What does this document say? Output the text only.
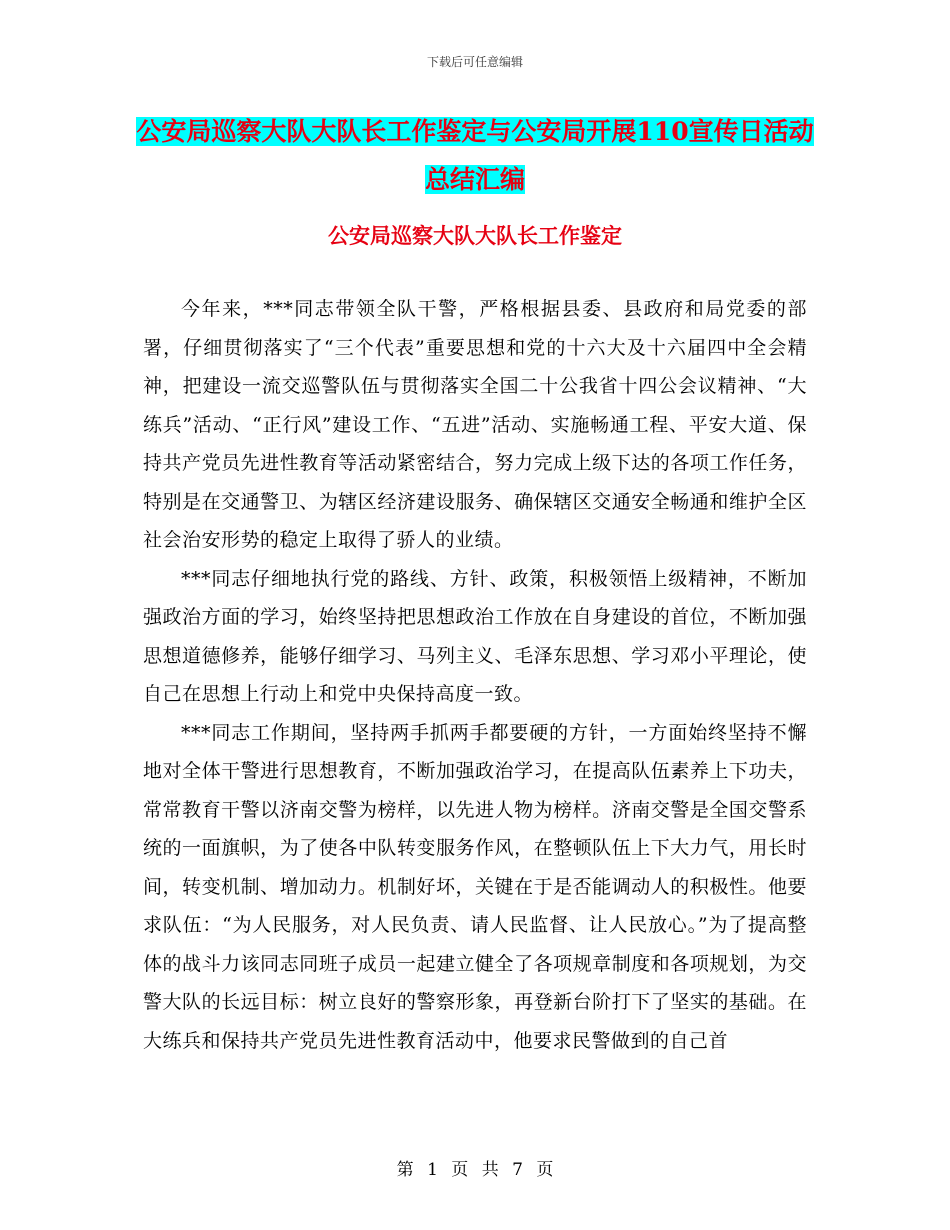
下载后可任意编辑
公安局巡察大队大队长工作鉴定与公安局开展110宣传日活动总结汇编
公安局巡察大队大队长工作鉴定

今年来，***同志带领全队干警，严格根据县委、县政府和局党委的部署，仔细贯彻落实了“三个代表”重要思想和党的十六大及十六届四中全会精神，把建设一流交巡警队伍与贯彻落实全国二十公我省十四公会议精神、“大练兵”活动、“正行风”建设工作、“五进”活动、实施畅通工程、平安大道、保持共产党员先进性教育等活动紧密结合，努力完成上级下达的各项工作任务，特别是在交通警卫、为辖区经济建设服务、确保辖区交通安全畅通和维护全区社会治安形势的稳定上取得了骄人的业绩。

***同志仔细地执行党的路线、方针、政策，积极领悟上级精神，不断加强政治方面的学习，始终坚持把思想政治工作放在自身建设的首位，不断加强思想道德修养，能够仔细学习、马列主义、毛泽东思想、学习邓小平理论，使自己在思想上行动上和党中央保持高度一致。

***同志工作期间，坚持两手抓两手都要硬的方针，一方面始终坚持不懈地对全体干警进行思想教育，不断加强政治学习，在提高队伍素养上下功夫，常常教育干警以济南交警为榜样，以先进人物为榜样。济南交警是全国交警系统的一面旗帜，为了使各中队转变服务作风，在整顿队伍上下大力气，用长时间，转变机制、增加动力。机制好坏，关键在于是否能调动人的积极性。他要求队伍：“为人民服务，对人民负责、请人民监督、让人民放心。”为了提高整体的战斗力该同志同班子成员一起建立健全了各项规章制度和各项规划，为交警大队的长远目标：树立良好的警察形象，再登新台阶打下了坚实的基础。在大练兵和保持共产党员先进性教育活动中，他要求民警做到的自己首

第 1 页 共 7 页
